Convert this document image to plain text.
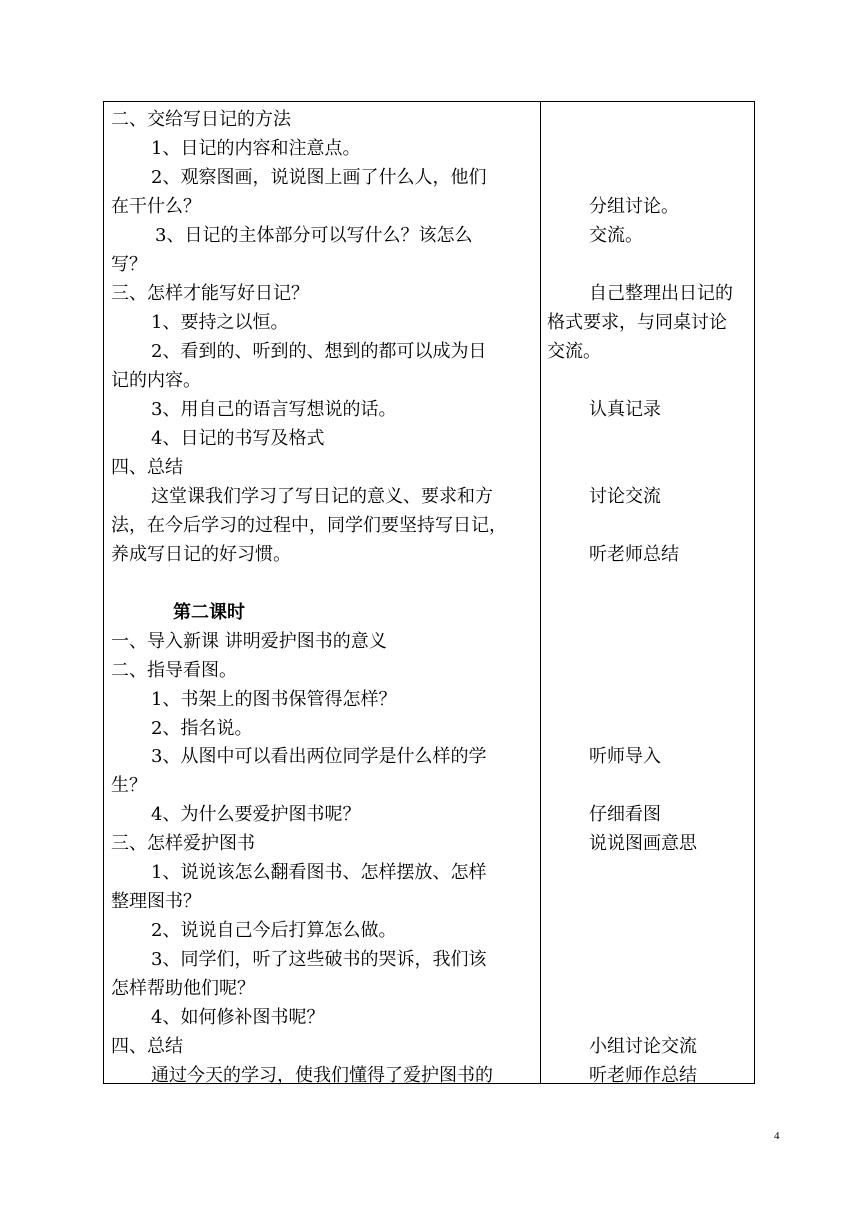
二、交给写日记的方法
1、日记的内容和注意点。
2、观察图画，说说图上画了什么人，他们
在干什么？
3、日记的主体部分可以写什么？该怎么
写？
三、怎样才能写好日记？
1、要持之以恒。
2、看到的、听到的、想到的都可以成为日
记的内容。
3、用自己的语言写想说的话。
4、日记的书写及格式
四、总结
这堂课我们学习了写日记的意义、要求和方
法，在今后学习的过程中，同学们要坚持写日记，
养成写日记的好习惯。
第二课时
一、导入新课 讲明爱护图书的意义
二、指导看图。
1、书架上的图书保管得怎样？
2、指名说。
3、从图中可以看出两位同学是什么样的学
生？
4、为什么要爱护图书呢？
三、怎样爱护图书
1、说说该怎么翻看图书、怎样摆放、怎样
整理图书？
2、说说自己今后打算怎么做。
3、同学们，听了这些破书的哭诉，我们该
怎样帮助他们呢？
4、如何修补图书呢？
四、总结
通过今天的学习，使我们懂得了爱护图书的
分组讨论。
交流。
自己整理出日记的
格式要求，与同桌讨论
交流。
认真记录
讨论交流
听老师总结
听师导入
仔细看图
说说图画意思
小组讨论交流
听老师作总结
4
